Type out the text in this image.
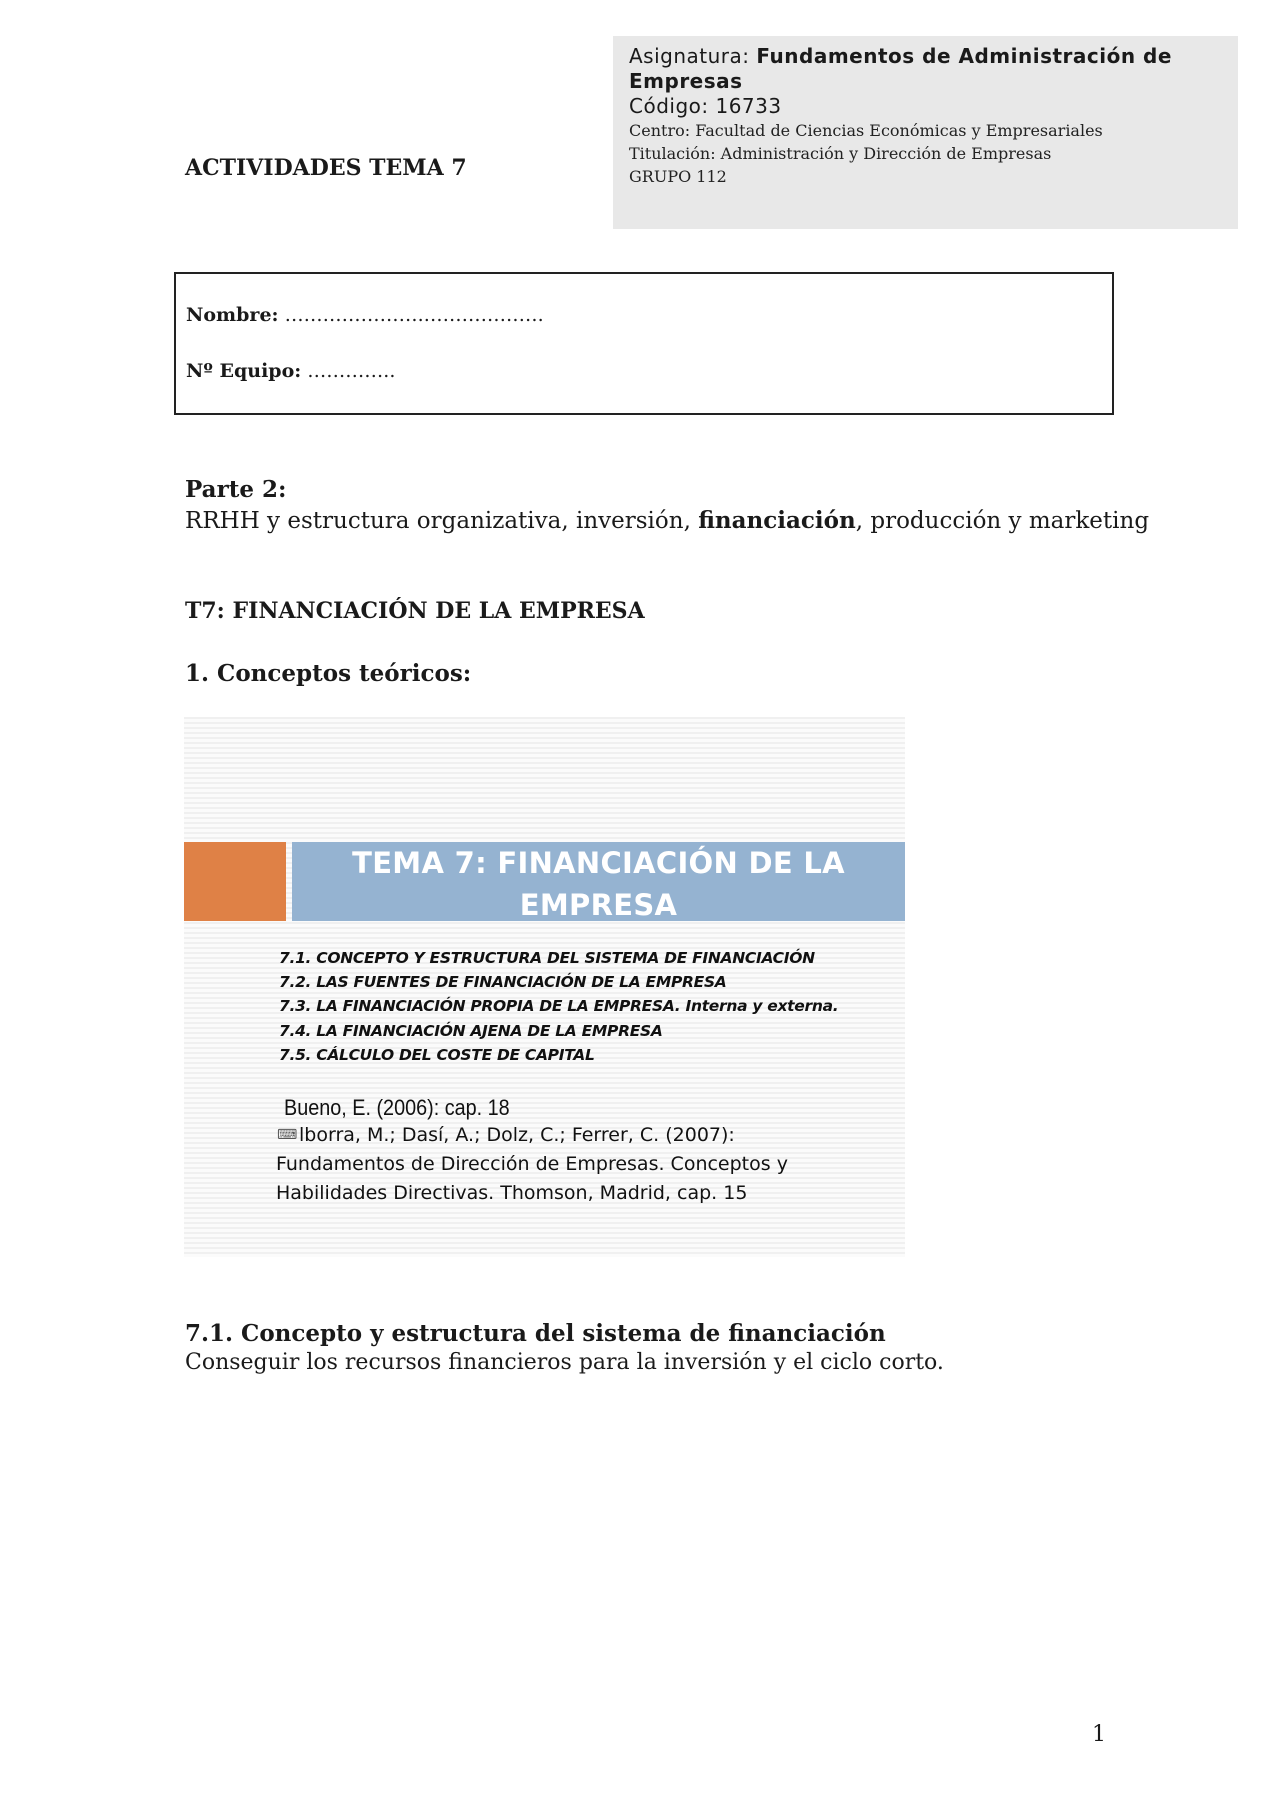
Asignatura: Fundamentos de Administración de
Empresas
Código: 16733
Centro: Facultad de Ciencias Económicas y Empresariales
Titulación: Administración y Dirección de Empresas
GRUPO 112
ACTIVIDADES TEMA 7
Nombre: ………………….……………….
Nº Equipo: …………..
Parte 2:
RRHH y estructura organizativa, inversión, financiación, producción y marketing
T7: FINANCIACIÓN DE LA EMPRESA
1. Conceptos teóricos:
TEMA 7: FINANCIACIÓN DE LA
EMPRESA
7.1. CONCEPTO Y ESTRUCTURA DEL SISTEMA DE FINANCIACIÓN
7.2. LAS FUENTES DE FINANCIACIÓN DE LA EMPRESA
7.3. LA FINANCIACIÓN PROPIA DE LA EMPRESA. Interna y externa.
7.4. LA FINANCIACIÓN AJENA DE LA EMPRESA
7.5. CÁLCULO DEL COSTE DE CAPITAL
Bueno, E. (2006): cap. 18
⌨ lborra, M.; Dasí, A.; Dolz, C.; Ferrer, C. (2007):
Fundamentos de Dirección de Empresas. Conceptos y
Habilidades Directivas. Thomson, Madrid, cap. 15
7.1. Concepto y estructura del sistema de financiación
Conseguir los recursos financieros para la inversión y el ciclo corto.
1
